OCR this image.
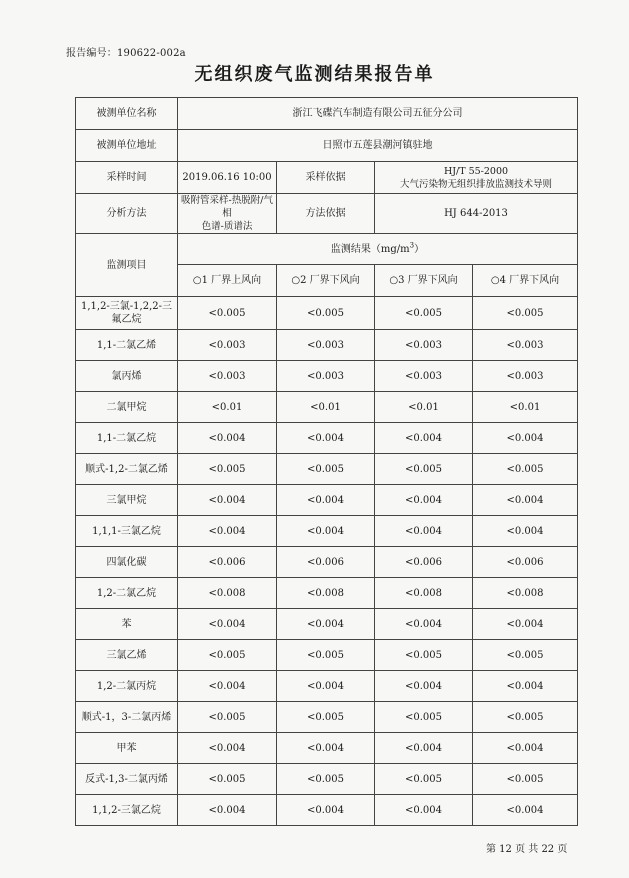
报告编号：190622-002a
无组织废气监测结果报告单
被测单位名称	浙江飞碟汽车制造有限公司五征分公司			
被测单位地址	日照市五莲县潮河镇驻地			
采样时间	2019.06.16 10:00	采样依据	HJ/T 55-2000
大气污染物无组织排放监测技术导则	

分析方法	吸附管采样-热脱附/气相
色谱-质谱法	方法依据	HJ 644-2013	
监测项目	监测结果$(mg/m^3)$			
	○1 厂界上风向	○2 厂界下风向	○3 厂界下风向	○4 厂界下风向
1,1,2-三氯-1,2,2-三氟乙烷	<0.005	<0.005	<0.005	<0.005
1,1-二氯乙烯	<0.003	<0.003	<0.003	<0.003
氯丙烯	<0.003	<0.003	<0.003	<0.003
二氯甲烷	<0.01	<0.01	<0.01	<0.01
1,1-二氯乙烷	<0.004	<0.004	<0.004	<0.004
顺式-1,2-二氯乙烯	<0.005	<0.005	<0.005	<0.005
三氯甲烷	<0.004	<0.004	<0.004	<0.004
1,1,1-三氯乙烷	<0.004	<0.004	<0.004	<0.004
四氯化碳	<0.006	<0.006	<0.006	<0.006
1,2-二氯乙烷	<0.008	<0.008	<0.008	<0.008
苯	<0.004	<0.004	<0.004	<0.004
三氯乙烯	<0.005	<0.005	<0.005	<0.005
1,2-二氯丙烷	<0.004	<0.004	<0.004	<0.004
顺式-1，3-二氯丙烯	<0.005	<0.005	<0.005	<0.005
甲苯	<0.004	<0.004	<0.004	<0.004
反式-1,3-二氯丙烯	<0.005	<0.005	<0.005	<0.005
1,1,2-三氯乙烷	<0.004	<0.004	<0.004	<0.004
第 12 页 共 22 页
